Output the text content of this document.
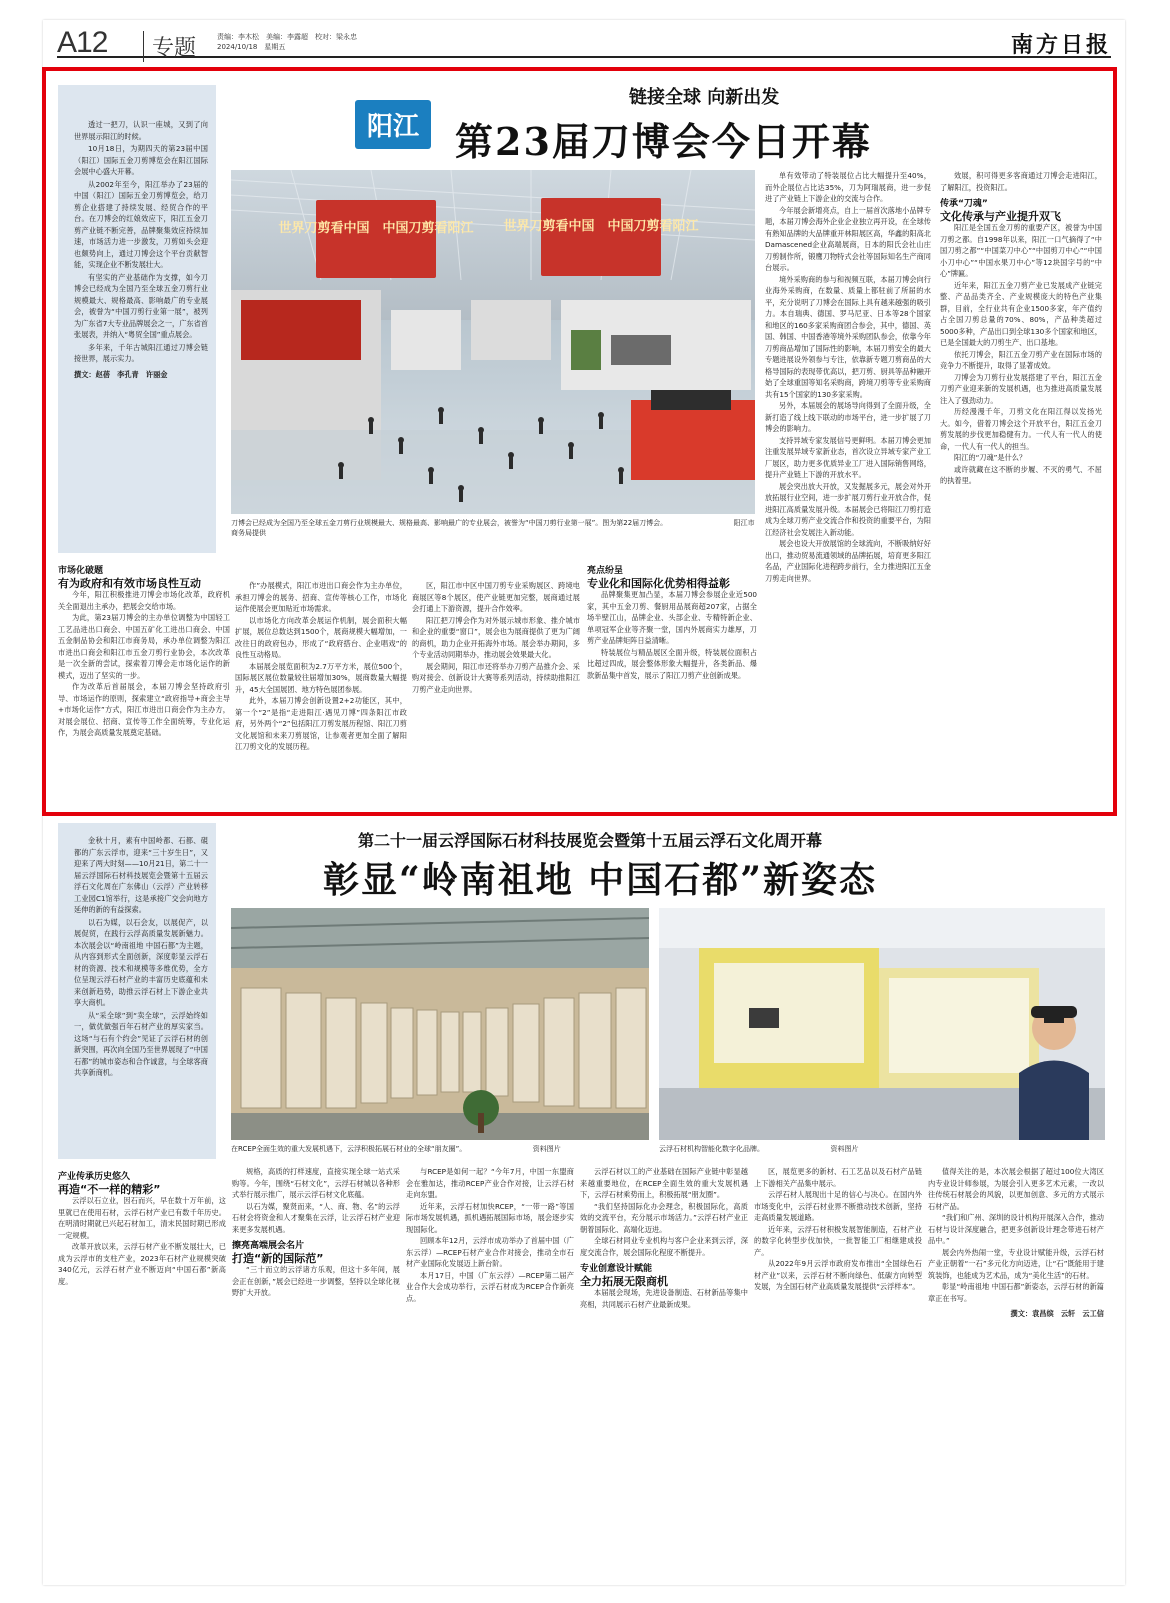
A12	专题	责编：李木松　美编：李露超　校对：梁永忠
2024/10/18　星期五	南方日报

透过一把刀，认识一座城，又到了向世界展示阳江的时候。

10月18日，为期四天的第23届中国（阳江）国际五金刀剪博览会在阳江国际会展中心盛大开幕。

从2002年至今，阳江举办了23届的中国（阳江）国际五金刀剪博览会，给刀剪企业搭建了持续发展、经贸合作的平台。在刀博会的红娘效应下，阳江五金刀剪产业链不断完善，品牌聚集效应持续加速，市场活力进一步激发，刀剪如头会迎也颇势向上，通过刀博会这个平台贡献智能，实现企业不断发展壮大。

有坚实的产业基础作为支撑，如今刀博会已经成为全国乃至全球五金刀剪行业规模最大、规格最高、影响最广的专业展会，被誉为“中国刀剪行业第一展”，被列为广东省7大专业品牌展会之一，广东省首张展表，并纳入“粤贸全国”重点展会。

多年来，千年古城阳江通过刀博会链接世界，展示实力。

撰文：赵蓓　李孔青　许丽金

阳江
链接全球 向新出发
第23届刀博会今日开幕
世界刀剪看中国　中国刀剪看阳江 世界刀剪看中国　中国刀剪看阳江
刀博会已经成为全国乃至全球五金刀剪行业规模最大、规格最高、影响最广的专业展会，被誉为“中国刀剪行业第一展”。图为第22届刀博会。　　　　　　　　　　阳江市商务局提供

单有效带动了特装展位占比大幅提升至40%，而外企展位占比达35%，刀为阿瑞展商，进一步促进了产业链上下游企业的交流与合作。

今年展会新增亮点，自上一届首次落地小品牌专题，本届刀博会海外企业企业独立再开设，在全球传有熟知品牌的大品牌重开林阳展区高，华鑫的阳高北Damascened企业高端展商，日本的阳氏会社山庄刀剪制作所，锻鹰刀物特式会社等国际知名生产商同台展示。

境外采购商的参与和视频互联，本届刀博会向行业海外采购商，在数量、质量上都驻前了所届的水平，充分说明了刀博会在国际上具有越来越强的吸引力。本自瑞典、德国、罗马尼亚、日本等28个国家和地区的160多家采购商团合参会，其中，德国、英国、韩国、中国香港等境外采购团队参会，依靠今年刀剪商品增加了国际性的影响，本届刀剪安全的最大专题进展设外领参与专注，依靠新专题刀剪商品的大格导国际的表现带优高以，把刀剪、厨具等品种融开始了全球重国等知名采购商，跨境刀剪等专业采购商共有15个国家的130多家采购。

另外，本届展会的展场导向得到了全面升级，全新打造了线上线下联动的市场平台，进一步扩展了刀博会的影响力。

支持异域专家发展信号更鲜明。本届刀博会更加注重发展异域专家新业态，首次设立异域专家产业工厂展区，助力更多优质异业工厂进入国际销售网络，提升产业链上下游的开放水平。

展会突出放大开放，又发掘展多元，展会对外开放拓展行业空间，进一步扩展刀剪行业开放合作，促进阳江高质量发展升级。本届展会已将阳江刀剪打造成为全球刀剪产业交流合作和投资的重要平台，为阳江经济社会发展注入新动能。

展会也设大开放展馆的全球流向，不断吸纳好好出口，推动贸易流通领域的品牌拓展，培育更多阳江名品，产业国际化进程跨步前行，全力推进阳江五金刀剪走向世界。

效展，积可得更多客商通过刀博会走进阳江，了解阳江，投资阳江。

传承“刀魂”

文化传承与产业提升双飞

阳江是全国五金刀剪的重要产区，被誉为中国刀剪之都。自1998年以来，阳江一口气摘得了“中国刀剪之都”“中国菜刀中心”“中国剪刀中心”“中国小刀中心”“中国水果刀中心”等12块国字号的“中心”牌匾。

近年来，阳江五金刀剪产业已发展成产业链完整、产品品类齐全、产业规模庞大的特色产业集群，目前，全行业共有企业1500多家，年产值约占全国刀剪总量的70%、80%，产品种类超过5000多种，产品出口到全球130多个国家和地区，已是全国最大的刀剪生产、出口基地。

依托刀博会，阳江五金刀剪产业在国际市场的竞争力不断提升，取得了显著成效。

刀博会为刀剪行业发展搭建了平台，阳江五金刀剪产业迎来新的发展机遇，也为推进高质量发展注入了强劲动力。

历经漫漫千年，刀剪文化在阳江得以发扬光大。如今，借着刀博会这个开放平台，阳江五金刀剪发展的步伐更加稳健有力。一代人有一代人的使命，一代人有一代人的担当。

阳江的“刀魂”是什么？

或许就藏在这不断的步履、不灭的勇气、不屈的执着里。

市场化破题

有为政府和有效市场良性互动

今年，阳江积极推进刀博会市场化改革，政府机关全面退出主承办，把展会交给市场。

为此，第23届刀博会的主办单位调整为中国轻工工艺品进出口商会、中国五矿化工进出口商会、中国五金制品协会和阳江市商务局，承办单位调整为阳江市进出口商会和阳江市五金刀剪行业协会，本次改革是一次全新的尝试，探索着刀博会走市场化运作的新模式，迈出了坚实的一步。

作为改革后首届展会，本届刀博会坚持政府引导、市场运作的原则，探索建立“政府指导+商会主导+市场化运作”方式，阳江市进出口商会作为主办方，对展会展位、招商、宣传等工作全面统筹，专业化运作，为展会高质量发展奠定基础。

作”办展模式，阳江市进出口商会作为主办单位，承担刀博会的展务、招商、宣传等核心工作，市场化运作使展会更加贴近市场需求。

以市场化方向改革会展运作机制，展会面积大幅扩展，展位总数达到1500个，展商规模大幅增加，一改往日的政府包办，形成了“政府搭台、企业唱戏”的良性互动格局。

本届展会展览面积为2.7万平方米，展位500个，国际展区展位数量较往届增加30%，展商数量大幅提升，45大全国展团、地方特色展团参展。

此外，本届刀博会创新设置2+2功能区，其中，第一个“2”是指“走进阳江·遇见刀博”四条阳江市政府，另外两个“2”包括阳江刀剪发展历程馆、阳江刀剪文化展馆和未来刀剪展馆，让参观者更加全面了解阳江刀剪文化的发展历程。

区，阳江市中区中国刀剪专业采购展区、跨境电商展区等8个展区，使产业链更加完整，展商通过展会打通上下游资源，提升合作效率。

阳江把刀博会作为对外展示城市形象、推介城市和企业的重要“窗口”，展会也为展商提供了更为广阔的商机，助力企业开拓海外市场。展会举办期间，多个专业活动同期举办，推动展会效果最大化。

展会期间，阳江市还将举办刀剪产品推介会、采购对接会、创新设计大赛等系列活动，持续助推阳江刀剪产业走向世界。

亮点纷呈

专业化和国际化优势相得益彰

品牌聚集更加凸显，本届刀博会参展企业近500家，其中五金刀剪、餐厨用品展商超207家，占据全场半壁江山，品牌企业、头部企业、专精特新企业、单项冠军企业等齐聚一堂，国内外展商实力雄厚，刀剪产业品牌矩阵日益清晰。

特装展位与精品展区全面升级，特装展位面积占比超过四成，展会整体形象大幅提升，各类新品、爆款新品集中首发，展示了阳江刀剪产业创新成果。

金秋十月，素有中国岭都、石都、硯都的广东云浮市，迎来“三十岁生日”，又迎来了两大时刻——10月21日，第二十一届云浮国际石材科技展览会暨第十五届云浮石文化周在广东佛山（云浮）产业转移工业园C1馆举行，这是承接广交会向地方延伸的新的有益探索。

以石为媒，以石会友，以展促产，以展促贸，在践行云浮高质量发展新魅力。本次展会以“岭南祖地 中国石都”为主题，从内容到形式全面创新，深度彰显云浮石材的资源、技术和规模等多维优势，全方位呈现云浮石材产业的丰富历史底蕴和未来创新趋势，助推云浮石材上下游企业共享大商机。

从“采全球”到“卖全球”，云浮始终如一，做优做强百年石材产业的厚实家当。这场“与石有个约会”见证了云浮石材的创新突围，再次向全国乃至世界展现了“中国石都”的城市姿态和合作诚意，与全球客商共享新商机。

第二十一届云浮国际石材科技展览会暨第十五届云浮石文化周开幕
彰显“岭南祖地 中国石都”新姿态
在RCEP全面生效的重大发展机遇下，云浮积极拓展石材业的全球“朋友圈”。　　　　　　　　　　资料图片	云浮石材机构智能化数字化品牌。　　　　　　　　　　资料图片

产业传承历史悠久

再造“不一样的精彩”

云浮以石立业，因石而兴，早在数十万年前，这里就已在使用石材，云浮石材产业已有数千年历史。在明清时期就已兴起石材加工，清末民国时期已形成一定规模。

改革开放以来，云浮石材产业不断发展壮大，已成为云浮市的支柱产业，2023年石材产业规模突破340亿元，云浮石材产业不断迈向“中国石都”新高度。

规格，高质的打样速度，直接实现全球一站式采购等。今年，围绕“石材文化”，云浮石材城以各种形式举行展示推广，展示云浮石材文化底蕴。

以石为媒，聚贤而来，“人、商、物、名”的云浮石材会将资金和人才聚集在云浮，让云浮石材产业迎来更多发展机遇。

擦亮高端展会名片

打造“新的国际范”

“三十而立的云浮诸方乐观，但这十多年间，展会正在创新，”展会已经进一步调整，坚持以全球化视野扩大开放。

与RCEP是如何一起？“今年7月，中国一东盟商会在雅加达，推动RCEP产业合作对接，让云浮石材走向东盟。

近年来，云浮石材加快RCEP，“一带一路”等国际市场发展机遇，抓机遇拓展国际市场，展会逐步实现国际化。

回顾本年12月，云浮市成功举办了首届中国（广东云浮）—RCEP石材产业合作对接会，推动全市石材产业国际化发展迈上新台阶。

本月17日，中国（广东云浮）—RCEP第二届产业合作大会成功举行，云浮石材成为RCEP合作新亮点。

云浮石材以工的产业基础在国际产业链中彰显越来越重要地位，在RCEP全面生效的重大发展机遇下，云浮石材乘势而上，积极拓展“朋友圈”。

“我们坚持国际化办会理念，积极国际化，高质效的交流平台，充分展示市场活力。”云浮石材产业正朝着国际化、高端化迈进。

全球石材同业专业机构与客户企业来到云浮，深度交流合作，展会国际化程度不断提升。

专业创意设计赋能

全力拓展无限商机

本届展会现场，先进设备制造、石材新品等集中亮相，共同展示石材产业最新成果。

区，展览更多的新材、石工艺品以及石材产品链上下游相关产品集中展示。

云浮石材人展现出十足的信心与决心。在国内外市场变化中，云浮石材业界不断推动技术创新，坚持走高质量发展道路。

近年来，云浮石材积极发展智能制造，石材产业的数字化转型步伐加快，一批智能工厂相继建成投产。

从2022年9月云浮市政府发布推出“全国绿色石材产业”以来，云浮石材不断向绿色、低碳方向转型发展，为全国石材产业高质量发展提供“云浮样本”。

值得关注的是，本次展会根据了超过100位大湾区内专业设计师参展，为展会引入更多艺术元素，一改以往传统石材展会的风貌，以更加创意、多元的方式展示石材产品。

“我们和广州、深圳的设计机构开展深入合作，推动石材与设计深度融合，把更多创新设计理念带进石材产品中。”

展会内外热闹一堂，专业设计赋能升级，云浮石材产业正朝着“一石”多元化方向迈进，让“石”既能用于建筑装饰，也能成为艺术品，成为“美化生活”的石材。

彰显“岭南祖地 中国石都”新姿态，云浮石材的新篇章正在书写。

撰文：袁昌缤　云轩　云工信
